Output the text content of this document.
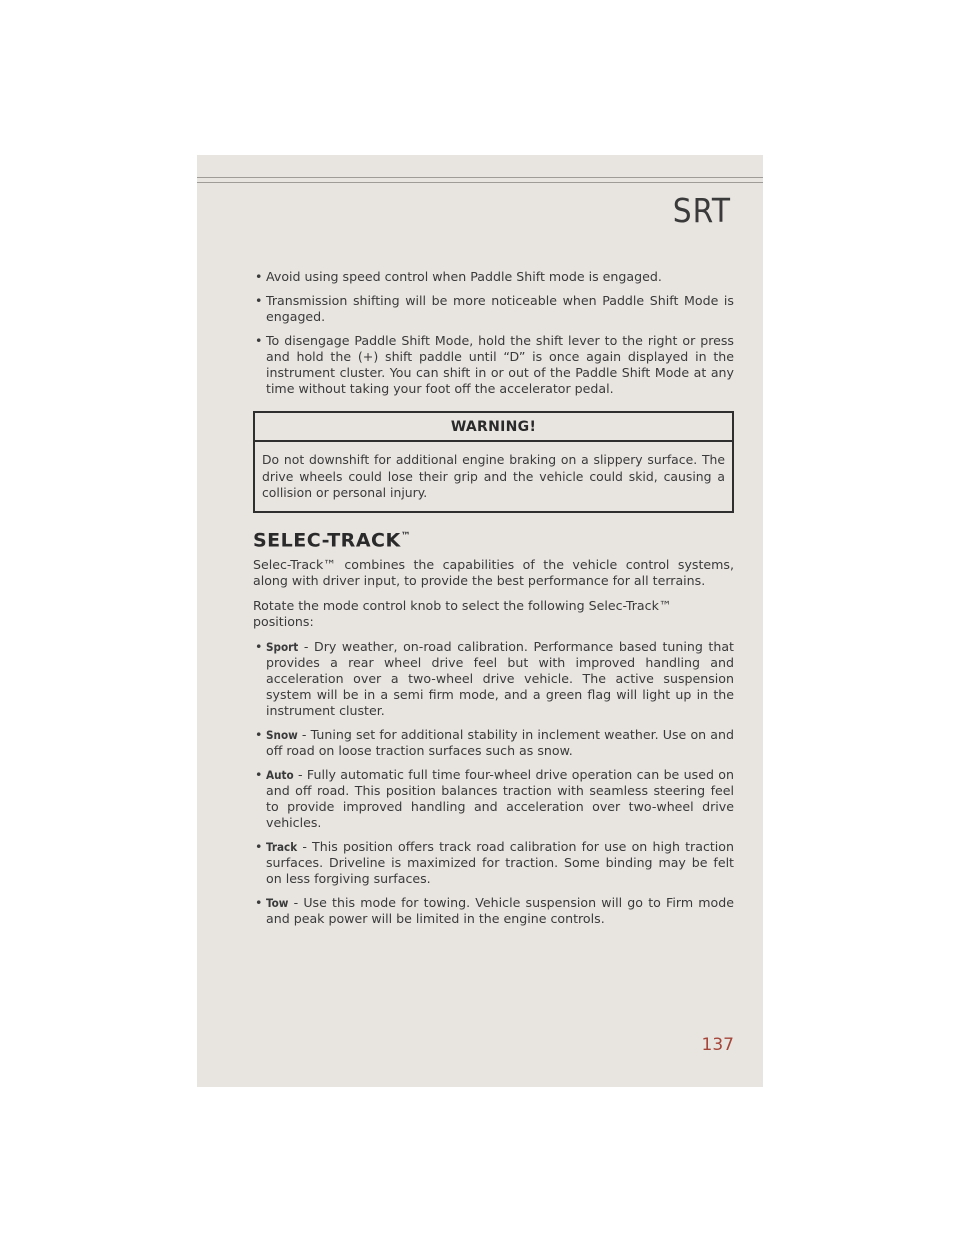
SRT
• Avoid using speed control when Paddle Shift mode is engaged.
• Transmission shifting will be more noticeable when Paddle Shift Mode is engaged.
• To disengage Paddle Shift Mode, hold the shift lever to the right or press and hold the (+) shift paddle until “D” is once again displayed in the instrument cluster. You can shift in or out of the Paddle Shift Mode at any time without taking your foot off the accelerator pedal.
WARNING!
Do not downshift for additional engine braking on a slippery surface. The drive wheels could lose their grip and the vehicle could skid, causing a collision or personal injury.
SELEC-TRACK™
Selec-Track™ combines the capabilities of the vehicle control systems, along with driver input, to provide the best performance for all terrains.
Rotate the mode control knob to select the following Selec-Track™ positions:
• Sport - Dry weather, on-road calibration. Performance based tuning that provides a rear wheel drive feel but with improved handling and acceleration over a two-wheel drive vehicle. The active suspension system will be in a semi firm mode, and a green flag will light up in the instrument cluster.
• Snow - Tuning set for additional stability in inclement weather. Use on and off road on loose traction surfaces such as snow.
• Auto - Fully automatic full time four-wheel drive operation can be used on and off road. This position balances traction with seamless steering feel to provide improved handling and acceleration over two-wheel drive vehicles.
• Track - This position offers track road calibration for use on high traction surfaces. Driveline is maximized for traction. Some binding may be felt on less forgiving surfaces.
• Tow - Use this mode for towing. Vehicle suspension will go to Firm mode and peak power will be limited in the engine controls.
137
